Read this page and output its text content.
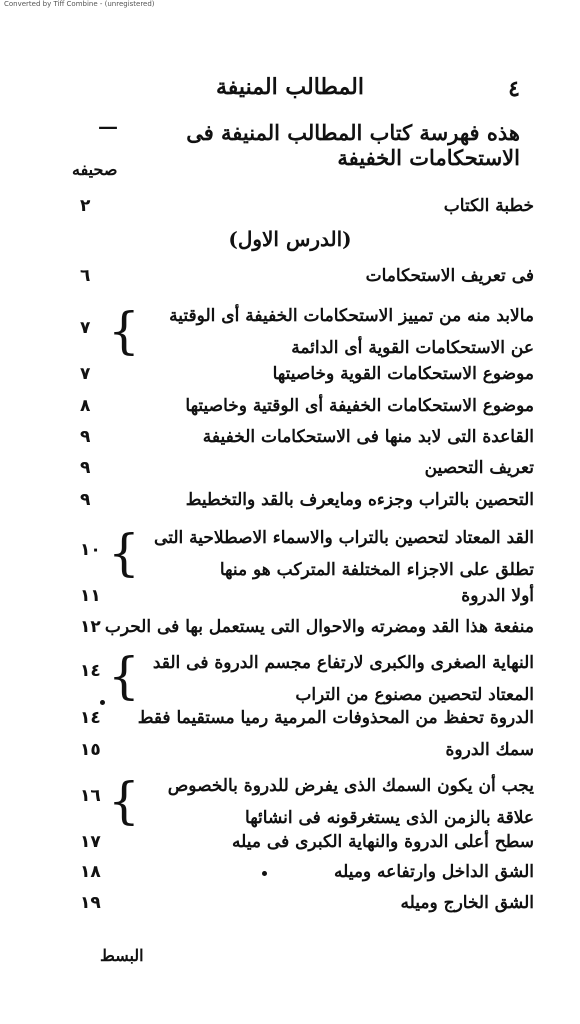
Converted by Tiff Combine - (unregistered)
٤
المطالب المنيفة
—	هذه فهرسة كتاب المطالب المنيفة فى الاستحكامات الخفيفة
صحيفه
خطبة الكتاب
٢
(الدرس الاول)
فى تعريف الاستحكامات
٦
مالابد منه من تمييز الاستحكامات الخفيفة أى الوقتية عن الاستحكامات القوية أى الدائمة
{
٧
موضوع الاستحكامات القوية وخاصيتها
٧
موضوع الاستحكامات الخفيفة أى الوقتية وخاصيتها
٨
القاعدة التى لابد منها فى الاستحكامات الخفيفة
٩
تعريف التحصين
٩
التحصين بالتراب وجزءه ومايعرف بالقد والتخطيط
٩
القد المعتاد لتحصين بالتراب والاسماء الاصطلاحية التى تطلق على الاجزاء المختلفة المتركب هو منها
{
١٠
أولا الدروة
١١
منفعة هذا القد ومضرته والاحوال التى يستعمل بها فى الحرب
١٢
النهاية الصغرى والكبرى لارتفاع مجسم الدروة فى القد المعتاد لتحصين مصنوع من التراب
{
١٤
الدروة تحفظ من المحذوفات المرمية رميا مستقيما فقط
١٤
سمك الدروة
١٥
يجب أن يكون السمك الذى يفرض للدروة بالخصوص علاقة بالزمن الذى يستغرقونه فى انشائها
{
١٦
سطح أعلى الدروة والنهاية الكبرى فى ميله
١٧
الشق الداخل وارتفاعه وميله
١٨
الشق الخارج وميله
١٩
البسط
